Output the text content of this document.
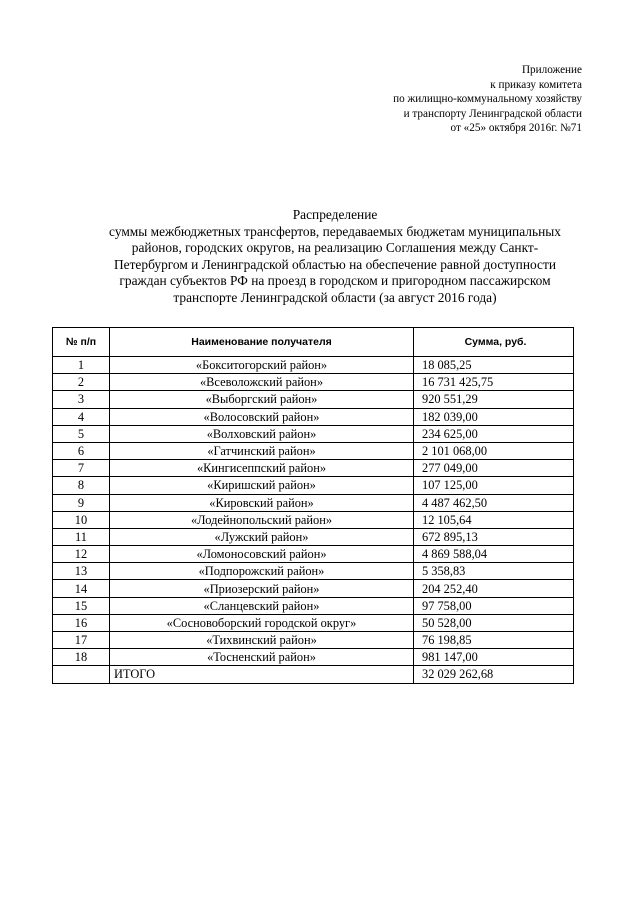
Приложение
к приказу комитета
по жилищно-коммунальному хозяйству
и транспорту Ленинградской области
от «25» октября 2016г. №71
Распределение
суммы межбюджетных трансфертов, передаваемых бюджетам муниципальных
районов, городских округов, на реализацию Соглашения между Санкт-
Петербургом и Ленинградской областью на обеспечение равной доступности
граждан субъектов РФ на проезд в городском и пригородном пассажирском
транспорте Ленинградской области (за август 2016 года)
№ п/п	Наименование получателя	Сумма, руб.
1	«Бокситогорский район»	18 085,25
2	«Всеволожский район»	16 731 425,75
3	«Выборгский район»	920 551,29
4	«Волосовский район»	182 039,00
5	«Волховский район»	234 625,00
6	«Гатчинский район»	2 101 068,00
7	«Кингисеппский район»	277 049,00
8	«Киришский район»	107 125,00
9	«Кировский район»	4 487 462,50
10	«Лодейнопольский район»	12 105,64
11	«Лужский район»	672 895,13
12	«Ломоносовский район»	4 869 588,04
13	«Подпорожский район»	5 358,83
14	«Приозерский район»	204 252,40
15	«Сланцевский район»	97 758,00
16	«Сосновоборский городской округ»	50 528,00
17	«Тихвинский район»	76 198,85
18	«Тосненский район»	981 147,00
	ИТОГО	32 029 262,68
